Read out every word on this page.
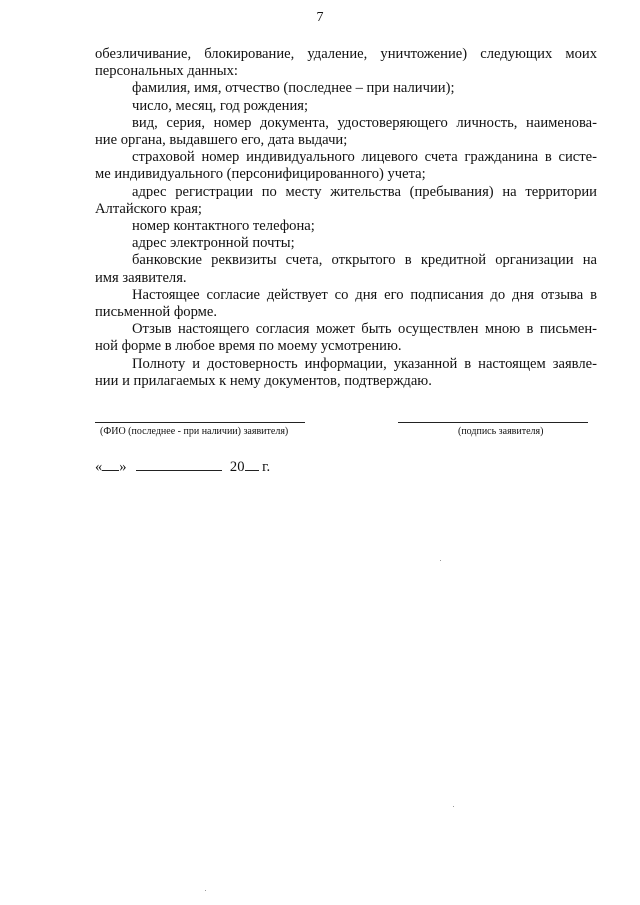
7
обезличивание, блокирование, удаление, уничтожение) следующих моих
персональных данных:
фамилия, имя, отчество (последнее – при наличии);
число, месяц, год рождения;
вид, серия, номер документа, удостоверяющего личность, наименова-
ние органа, выдавшего его, дата выдачи;
страховой номер индивидуального лицевого счета гражданина в систе-
ме индивидуального (персонифицированного) учета;
адрес регистрации по месту жительства (пребывания) на территории
Алтайского края;
номер контактного телефона;
адрес электронной почты;
банковские реквизиты счета, открытого в кредитной организации на
имя заявителя.
Настоящее согласие действует со дня его подписания до дня отзыва в
письменной форме.
Отзыв настоящего согласия может быть осуществлен мною в письмен-
ной форме в любое время по моему усмотрению.
Полноту и достоверность информации, указанной в настоящем заявле-
нии и прилагаемых к нему документов, подтверждаю.
(ФИО (последнее - при наличии) заявителя)	(подпись заявителя)
« »	20 г.
